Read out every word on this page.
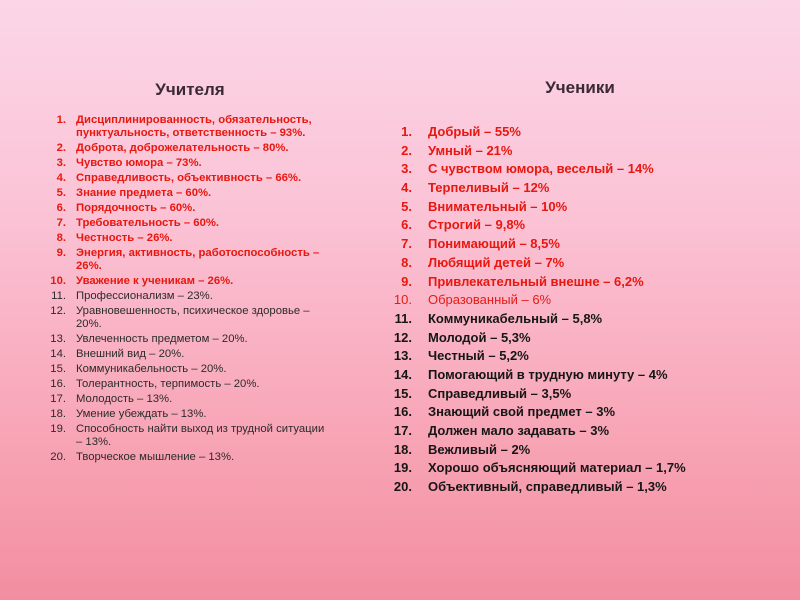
Учителя
1. Дисциплинированность, обязательность, пунктуальность, ответственность – 93%.
2. Доброта, доброжелательность – 80%.
3. Чувство юмора – 73%.
4. Справедливость, объективность – 66%.
5. Знание предмета – 60%.
6. Порядочность – 60%.
7. Требовательность – 60%.
8. Честность – 26%.
9. Энергия, активность, работоспособность – 26%.
10. Уважение к ученикам – 26%.
11. Профессионализм – 23%.
12. Уравновешенность, психическое здоровье – 20%.
13. Увлеченность предметом – 20%.
14. Внешний вид – 20%.
15. Коммуникабельность – 20%.
16. Толерантность, терпимость – 20%.
17. Молодость – 13%.
18. Умение убеждать – 13%.
19. Способность найти выход из трудной ситуации – 13%.
20. Творческое мышление – 13%.
Ученики
1.	Добрый – 55%
2.	Умный – 21%
3.	С чувством юмора, веселый – 14%
4.	Терпеливый – 12%
5.	Внимательный – 10%
6.	Строгий – 9,8%
7.	Понимающий – 8,5%
8.	Любящий детей – 7%
9.	Привлекательный внешне – 6,2%
10.	Образованный – 6%
11.	Коммуникабельный – 5,8%
12.	Молодой – 5,3%
13.	Честный – 5,2%
14.	Помогающий в трудную минуту – 4%
15.	Справедливый – 3,5%
16.	Знающий свой предмет – 3%
17.	Должен мало задавать – 3%
18.	Вежливый – 2%
19.	Хорошо объясняющий материал – 1,7%
20.	Объективный, справедливый – 1,3%
